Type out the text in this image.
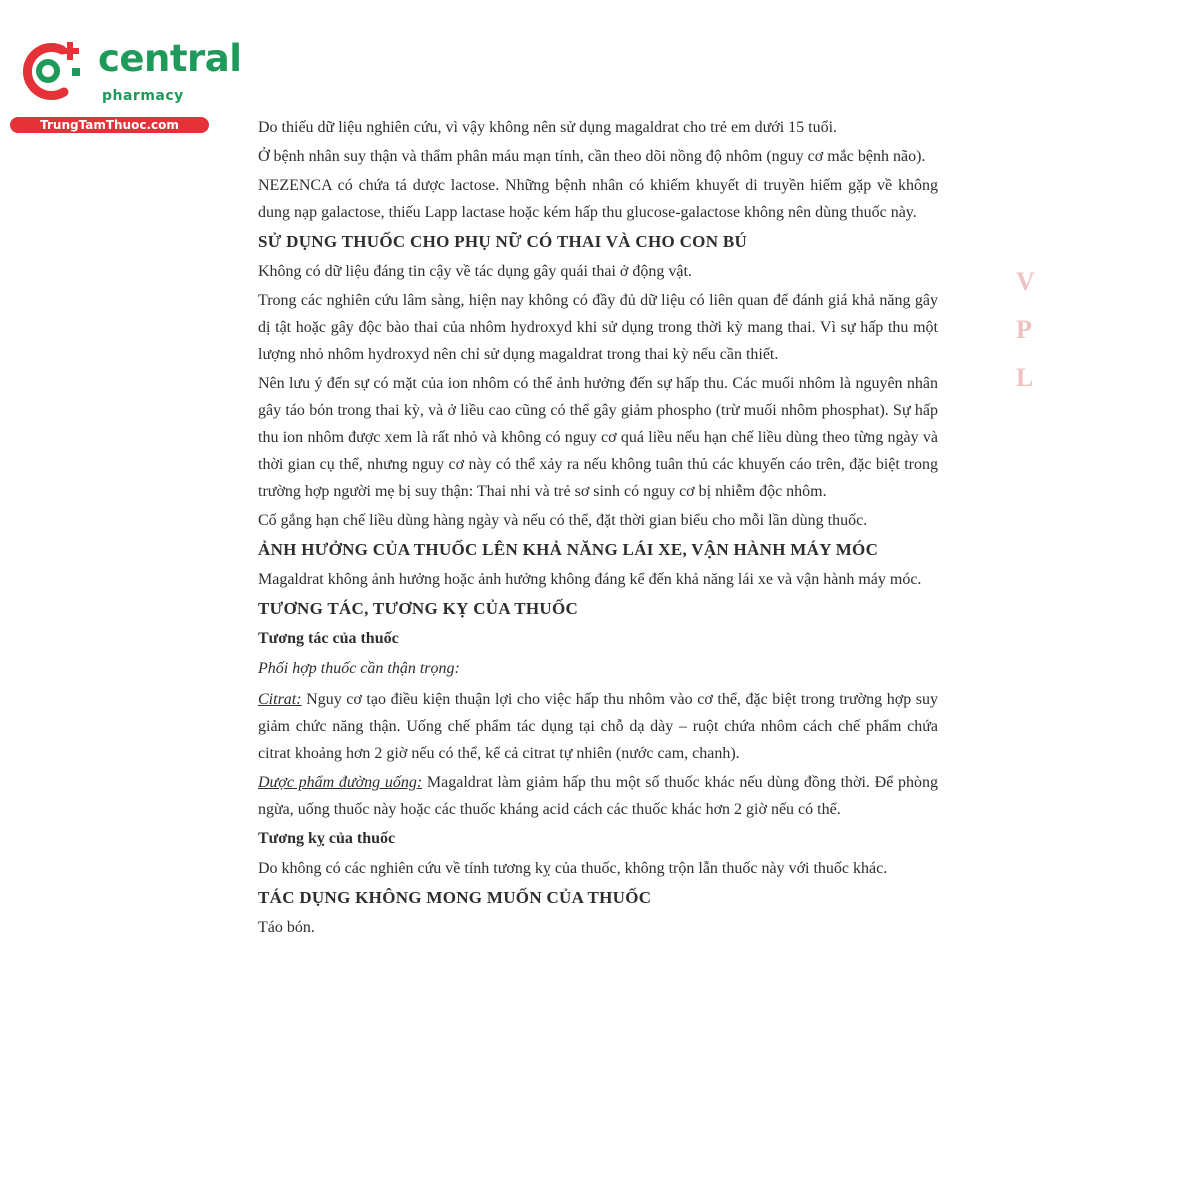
central
pharmacy
TrungTamThuoc.com	Do thiếu dữ liệu nghiên cứu, vì vậy không nên sử dụng magaldrat cho trẻ em dưới 15 tuổi.

Ở bệnh nhân suy thận và thẩm phân máu mạn tính, cần theo dõi nồng độ nhôm (nguy cơ mắc bệnh não).

NEZENCA có chứa tá dược lactose. Những bệnh nhân có khiếm khuyết di truyền hiếm gặp về không dung nạp galactose, thiếu Lapp lactase hoặc kém hấp thu glucose-galactose không nên dùng thuốc này.

SỬ DỤNG THUỐC CHO PHỤ NỮ CÓ THAI VÀ CHO CON BÚ

Không có dữ liệu đáng tin cậy về tác dụng gây quái thai ở động vật.

Trong các nghiên cứu lâm sàng, hiện nay không có đầy đủ dữ liệu có liên quan để đánh giá khả năng gây dị tật hoặc gây độc bào thai của nhôm hydroxyd khi sử dụng trong thời kỳ mang thai. Vì sự hấp thu một lượng nhỏ nhôm hydroxyd nên chỉ sử dụng magaldrat trong thai kỳ nếu cần thiết.

Nên lưu ý đến sự có mặt của ion nhôm có thể ảnh hưởng đến sự hấp thu. Các muối nhôm là nguyên nhân gây táo bón trong thai kỳ, và ở liều cao cũng có thể gây giảm phospho (trừ muối nhôm phosphat). Sự hấp thu ion nhôm được xem là rất nhỏ và không có nguy cơ quá liều nếu hạn chế liều dùng theo từng ngày và thời gian cụ thể, nhưng nguy cơ này có thể xảy ra nếu không tuân thủ các khuyến cáo trên, đặc biệt trong trường hợp người mẹ bị suy thận: Thai nhi và trẻ sơ sinh có nguy cơ bị nhiễm độc nhôm.

Cố gắng hạn chế liều dùng hàng ngày và nếu có thể, đặt thời gian biểu cho mỗi lần dùng thuốc.

ẢNH HƯỞNG CỦA THUỐC LÊN KHẢ NĂNG LÁI XE, VẬN HÀNH MÁY MÓC

Magaldrat không ảnh hưởng hoặc ảnh hưởng không đáng kể đến khả năng lái xe và vận hành máy móc.

TƯƠNG TÁC, TƯƠNG KỴ CỦA THUỐC
Tương tác của thuốc

Phối hợp thuốc cần thận trọng:

Citrat: Nguy cơ tạo điều kiện thuận lợi cho việc hấp thu nhôm vào cơ thể, đặc biệt trong trường hợp suy giảm chức năng thận. Uống chế phẩm tác dụng tại chỗ dạ dày – ruột chứa nhôm cách chế phẩm chứa citrat khoảng hơn 2 giờ nếu có thể, kể cả citrat tự nhiên (nước cam, chanh).

Dược phẩm đường uống: Magaldrat làm giảm hấp thu một số thuốc khác nếu dùng đồng thời. Để phòng ngừa, uống thuốc này hoặc các thuốc kháng acid cách các thuốc khác hơn 2 giờ nếu có thể.

Tương kỵ của thuốc

Do không có các nghiên cứu về tính tương kỵ của thuốc, không trộn lẫn thuốc này với thuốc khác.

TÁC DỤNG KHÔNG MONG MUỐN CỦA THUỐC

Táo bón.

V
P
L
